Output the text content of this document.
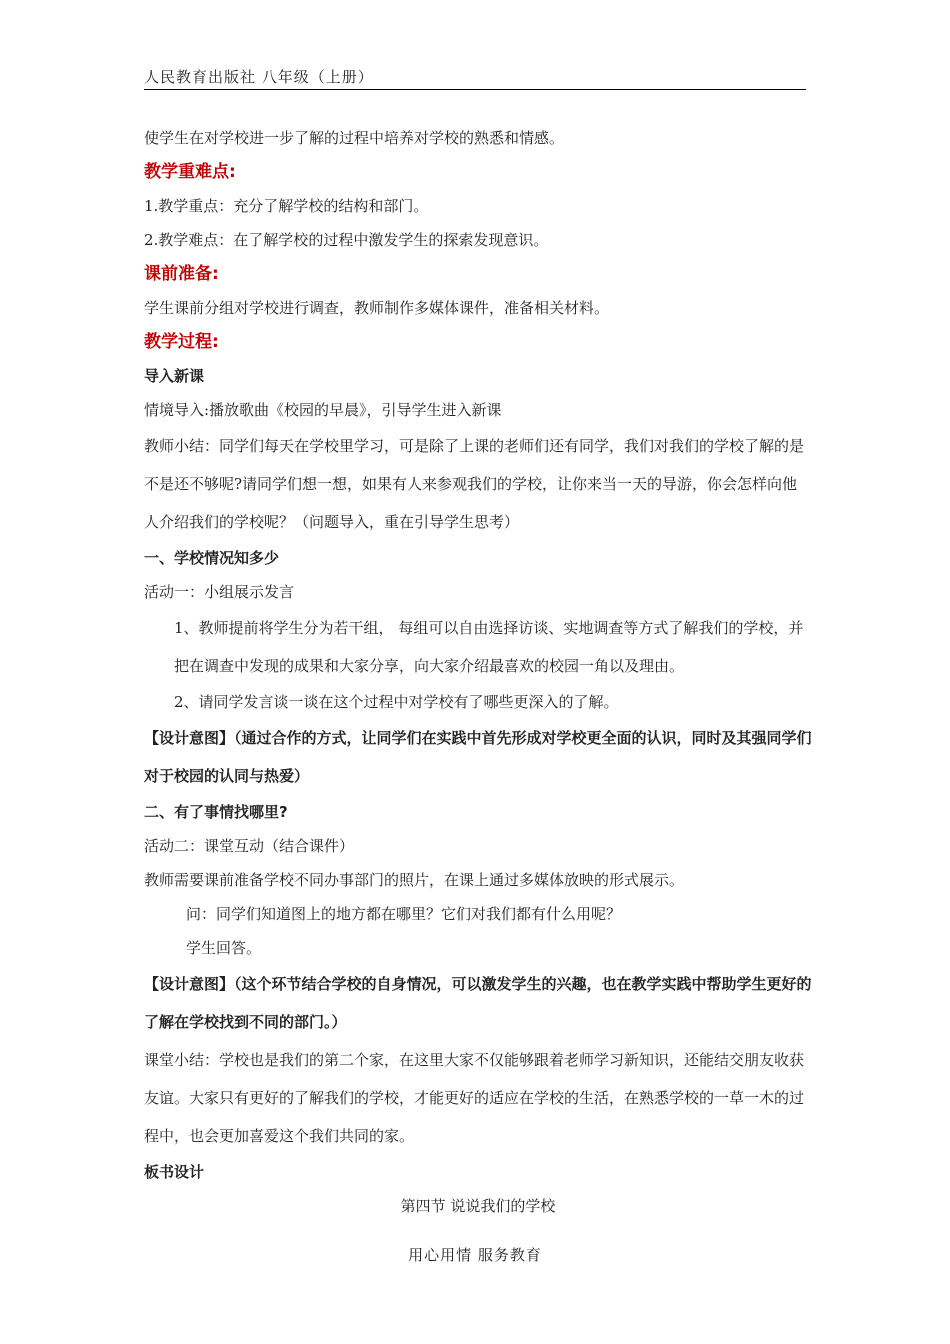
人民教育出版社 八年级（上册）

使学生在对学校进一步了解的过程中培养对学校的熟悉和情感。

教学重难点:

1.教学重点：充分了解学校的结构和部门。

2.教学难点：在了解学校的过程中激发学生的探索发现意识。

课前准备:

学生课前分组对学校进行调查，教师制作多媒体课件，准备相关材料。

教学过程:

导入新课

情境导入:播放歌曲《校园的早晨》，引导学生进入新课

教师小结：同学们每天在学校里学习，可是除了上课的老师们还有同学，我们对我们的学校了解的是不是还不够呢?请同学们想一想，如果有人来参观我们的学校，让你来当一天的导游，你会怎样向他人介绍我们的学校呢？（问题导入，重在引导学生思考）

一、学校情况知多少

活动一：小组展示发言

1、教师提前将学生分为若干组， 每组可以自由选择访谈、实地调查等方式了解我们的学校，并把在调查中发现的成果和大家分享，向大家介绍最喜欢的校园一角以及理由。

2、请同学发言谈一谈在这个过程中对学校有了哪些更深入的了解。

【设计意图】（通过合作的方式，让同学们在实践中首先形成对学校更全面的认识，同时及其强同学们对于校园的认同与热爱）

二、有了事情找哪里?

活动二：课堂互动（结合课件）

教师需要课前准备学校不同办事部门的照片，在课上通过多媒体放映的形式展示。

问：同学们知道图上的地方都在哪里？它们对我们都有什么用呢？

学生回答。

【设计意图】（这个环节结合学校的自身情况，可以激发学生的兴趣，也在教学实践中帮助学生更好的了解在学校找到不同的部门。）

课堂小结：学校也是我们的第二个家，在这里大家不仅能够跟着老师学习新知识，还能结交朋友收获友谊。大家只有更好的了解我们的学校，才能更好的适应在学校的生活，在熟悉学校的一草一木的过程中，也会更加喜爱这个我们共同的家。

板书设计

第四节 说说我们的学校

用心用情 服务教育
